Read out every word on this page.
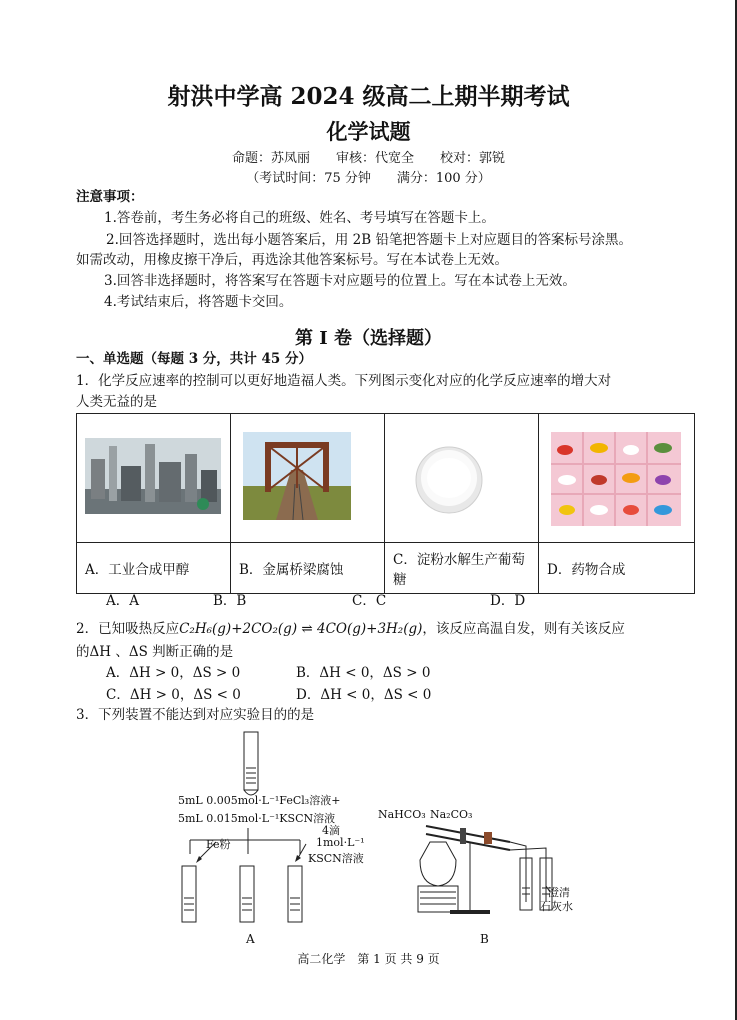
射洪中学高 2024 级高二上期半期考试
化学试题
命题：苏凤丽　　审核：代宽全　　校对：郭锐
（考试时间：75 分钟　　满分：100 分）
注意事项：
1.答卷前，考生务必将自己的班级、姓名、考号填写在答题卡上。
2.回答选择题时，选出每小题答案后，用 2B 铅笔把答题卡上对应题目的答案标号涂黑。
如需改动，用橡皮擦干净后，再选涂其他答案标号。写在本试卷上无效。
3.回答非选择题时，将答案写在答题卡对应题号的位置上。写在本试卷上无效。
4.考试结束后，将答题卡交回。
第 I 卷（选择题）
一、单选题（每题 3 分，共计 45 分）
1．化学反应速率的控制可以更好地造福人类。下列图示变化对应的化学反应速率的增大对
人类无益的是

A．工业合成甲醇	B．金属桥梁腐蚀	C．淀粉水解生产葡萄糖	D．药物合成
A．A	B．B	C．C	D．D
2．已知吸热反应C₂H₆(g)+2CO₂(g) ⇌ 4CO(g)+3H₂(g)，该反应高温自发，则有关该反应
的ΔH 、ΔS 判断正确的是
A．ΔH > 0，ΔS > 0	B．ΔH < 0，ΔS > 0
C．ΔH > 0，ΔS < 0	D．ΔH < 0，ΔS < 0
3．下列装置不能达到对应实验目的的是
5mL 0.005mol·L⁻¹FeCl₃溶液+
5mL 0.015mol·L⁻¹KSCN溶液
Fe粉
4滴
1mol·L⁻¹
KSCN溶液
A
NaHCO₃ Na₂CO₃
澄清
石灰水
B
高二化学　第 1 页 共 9 页
